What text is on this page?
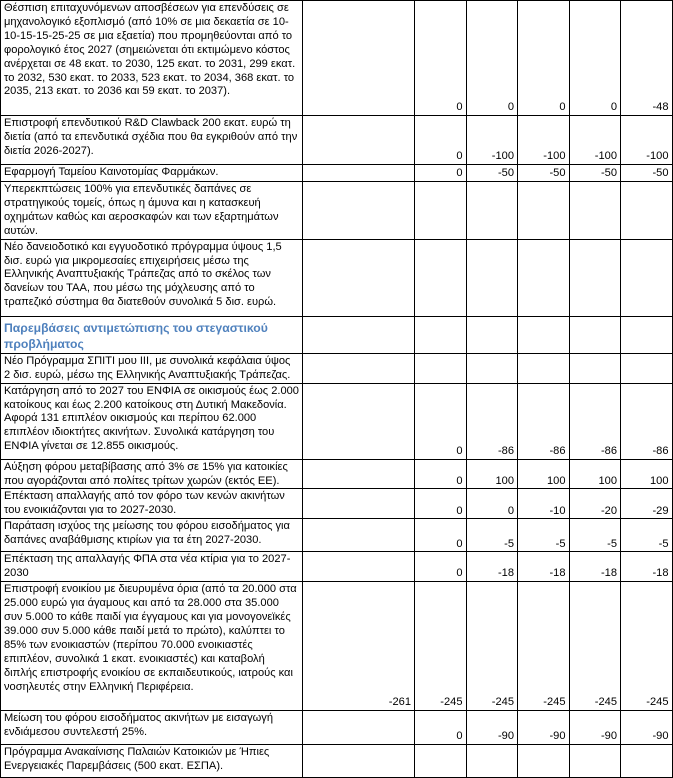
Θέσπιση επιταχυνόμενων αποσβέσεων για επενδύσεις σε μηχανολογικό εξοπλισμό (από 10% σε μια δεκαετία σε 10-10-15-15-25-25 σε μια εξαετία) που προμηθεύονται από το φορολογικό έτος 2027 (σημειώνεται ότι εκτιμώμενο κόστος ανέρχεται σε 48 εκατ. το 2030, 125 εκατ. το 2031, 299 εκατ. το 2032, 530 εκατ. το 2033, 523 εκατ. το 2034, 368 εκατ. το 2035, 213 εκατ. το 2036 και 59 εκατ. το 2037).		0	0	0	0	-48
Επιστροφή επενδυτικού R&D Clawback 200 εκατ. ευρώ τη διετία (από τα επενδυτικά σχέδια που θα εγκριθούν από την διετία 2026-2027).		0	-100	-100	-100	-100
Εφαρμογή Ταμείου Καινοτομίας Φαρμάκων.		0	-50	-50	-50	-50
Υπερεκπτώσεις 100% για επενδυτικές δαπάνες σε στρατηγικούς τομείς, όπως η άμυνα και η κατασκευή οχημάτων καθώς και αεροσκαφών και των εξαρτημάτων αυτών.						
Νέο δανειοδοτικό και εγγυοδοτικό πρόγραμμα ύψους 1,5 δισ. ευρώ για μικρομεσαίες επιχειρήσεις μέσω της Ελληνικής Αναπτυξιακής Τράπεζας από το σκέλος των δανείων του ΤΑΑ, που μέσω της μόχλευσης από το τραπεζικό σύστημα θα διατεθούν συνολικά 5 δισ. ευρώ.						
Παρεμβάσεις αντιμετώπισης του στεγαστικού προβλήματος						
Νέο Πρόγραμμα ΣΠΙΤΙ μου ΙΙΙ, με συνολικά κεφάλαια ύψος 2 δισ. ευρώ, μέσω της Ελληνικής Αναπτυξιακής Τράπεζας.						
Κατάργηση από το 2027 του ΕΝΦΙΑ σε οικισμούς έως 2.000 κατοίκους και έως 2.200 κατοίκους στη Δυτική Μακεδονία. Αφορά 131 επιπλέον οικισμούς και περίπου 62.000 επιπλέον ιδιοκτήτες ακινήτων. Συνολικά κατάργηση του ΕΝΦΙΑ γίνεται σε 12.855 οικισμούς.		0	-86	-86	-86	-86
Αύξηση φόρου μεταβίβασης από 3% σε 15% για κατοικίες που αγοράζονται από πολίτες τρίτων χωρών (εκτός ΕΕ).		0	100	100	100	100
Επέκταση απαλλαγής από τον φόρο των κενών ακινήτων του ενοικιάζονται για το 2027-2030.		0	0	-10	-20	-29
Παράταση ισχύος της μείωσης του φόρου εισοδήματος για δαπάνες αναβάθμισης κτιρίων για τα έτη 2027-2030.		0	-5	-5	-5	-5
Επέκταση της απαλλαγής ΦΠΑ στα νέα κτίρια για το 2027-2030		0	-18	-18	-18	-18
Επιστροφή ενοικίου με διευρυμένα όρια (από τα 20.000 στα 25.000 ευρώ για άγαμους και από τα 28.000 στα 35.000 συν 5.000 το κάθε παιδί για έγγαμους και για μονογονεϊκές 39.000 συν 5.000 κάθε παιδί μετά το πρώτο), καλύπτει το 85% των ενοικιαστών (περίπου 70.000 ενοικιαστές επιπλέον, συνολικά 1 εκατ. ενοικιαστές) και καταβολή διπλής επιστροφής ενοικίου σε εκπαιδευτικούς, ιατρούς και νοσηλευτές στην Ελληνική Περιφέρεια.	-261	-245	-245	-245	-245	-245
Μείωση του φόρου εισοδήματος ακινήτων με εισαγωγή ενδιάμεσου συντελεστή 25%.		0	-90	-90	-90	-90
Πρόγραμμα Ανακαίνισης Παλαιών Κατοικιών με Ήπιες Ενεργειακές Παρεμβάσεις (500 εκατ. ΕΣΠΑ).						
